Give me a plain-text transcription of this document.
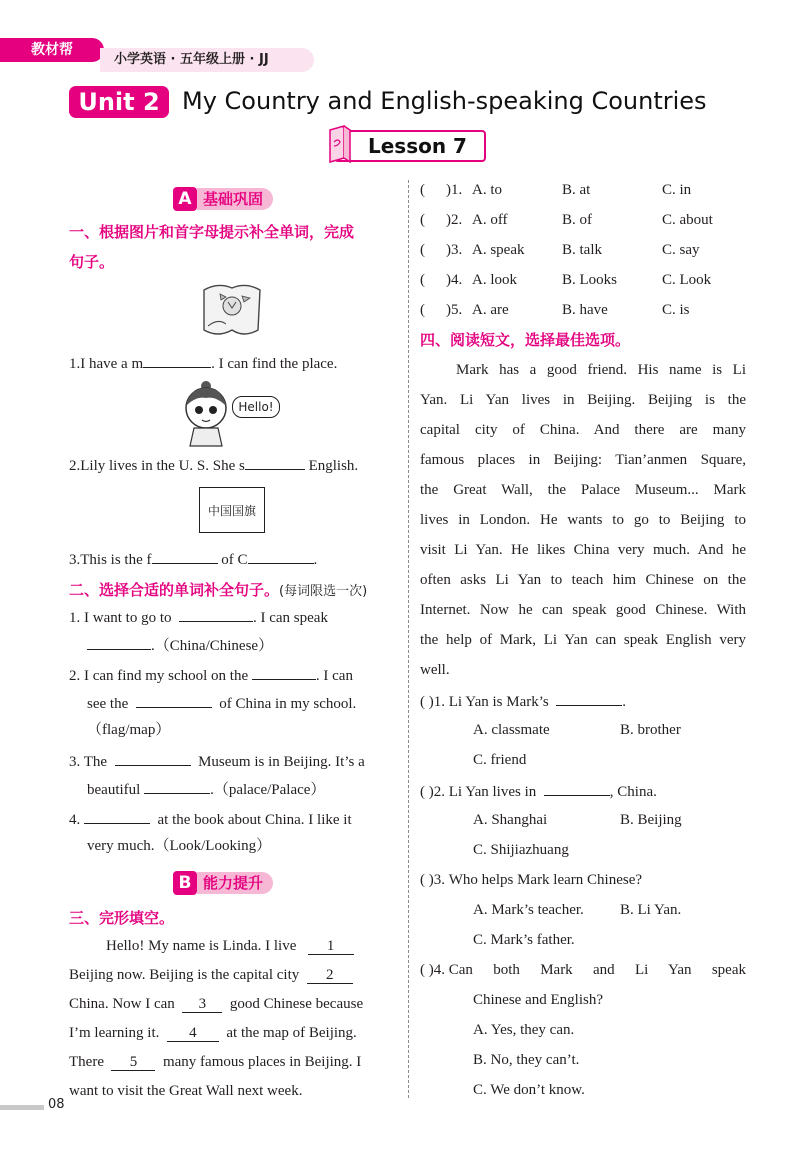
教材帮
小学英语 · 五年级上册 · JJ
Unit 2 My Country and English-speaking Countries
Lesson 7
A 基础巩固
一、根据图片和首字母提示补全单词，完成
句子。
1.I have a m	. I can find the place.
Hello!
2.Lily lives in the U. S. She s	English.
中国国旗
3.This is the f	of C	.
二、选择合适的单词补全句子。(每词限选一次)
1. I want to go to	. I can speak
.（China/Chinese）
2. I can find my school on the	. I can
see the	of China in my school.
（flag/map）
3. The	Museum is in Beijing. It’s a
beautiful	.（palace/Palace）
4.	at the book about China. I like it
very much.（Look/Looking）
B 能力提升
三、完形填空。
Hello! My name is Linda. I live 1
Beijing now. Beijing is the capital city 2
China. Now I can 3 good Chinese because
I’m learning it. 4 at the map of Beijing.
There 5 many famous places in Beijing. I
want to visit the Great Wall next week.
( )1. A. to	B. at	C. in
( )2. A. off	B. of	C. about
( )3. A. speak	B. talk	C. say
( )4. A. look	B. Looks	C. Look
( )5. A. are	B. have	C. is
四、阅读短文，选择最佳选项。
Mark has a good friend. His name is Li
Yan. Li Yan lives in Beijing. Beijing is the
capital city of China. And there are many
famous places in Beijing: Tian’anmen Square,
the Great Wall, the Palace Museum... Mark
lives in London. He wants to go to Beijing to
visit Li Yan. He likes China very much. And he
often asks Li Yan to teach him Chinese on the
Internet. Now he can speak good Chinese. With
the help of Mark, Li Yan can speak English very
well.
( )1. Li Yan is Mark’s	.
A. classmate	B. brother
C. friend
( )2. Li Yan lives in	, China.
A. Shanghai	B. Beijing
C. Shijiazhuang
( )3. Who helps Mark learn Chinese?
A. Mark’s teacher. B. Li Yan.
C. Mark’s father.
( )4.
Can both Mark and Li Yan speak
Chinese and English?
A. Yes, they can.
B. No, they can’t.
C. We don’t know.
08
